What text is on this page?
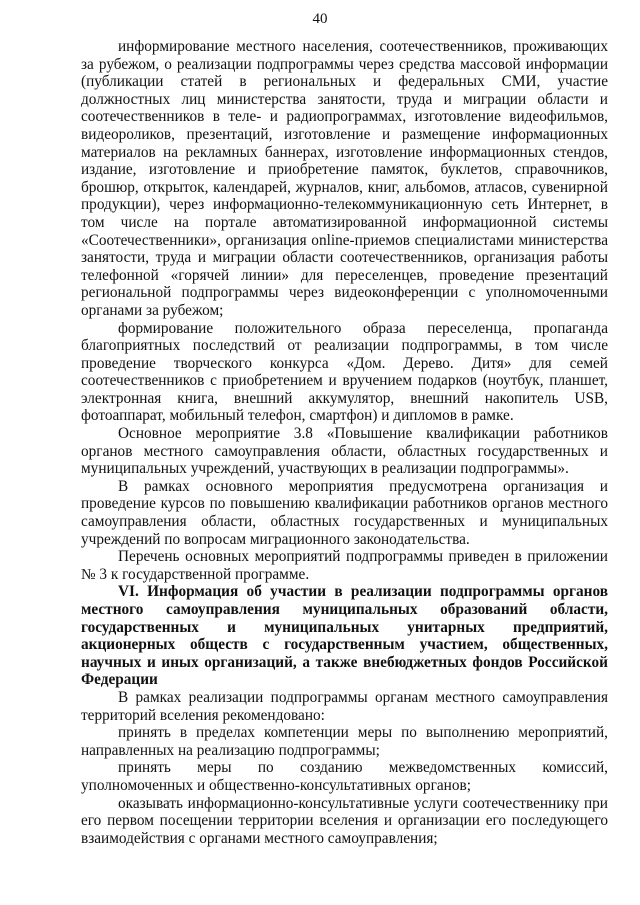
40

информирование местного населения, соотечественников, проживающих за рубежом, о реализации подпрограммы через средства массовой информации (публикации статей в региональных и федеральных СМИ, участие должностных лиц министерства занятости, труда и миграции области и соотечественников в теле- и радиопрограммах, изготовление видеофильмов, видеороликов, презентаций, изготовление и размещение информационных материалов на рекламных баннерах, изготовление информационных стендов, издание, изготовление и приобретение памяток, буклетов, справочников, брошюр, открыток, календарей, журналов, книг, альбомов, атласов, сувенирной продукции), через информационно-телекоммуникационную сеть Интернет, в том числе на портале автоматизированной информационной системы «Соотечественники», организация online-приемов специалистами министерства занятости, труда и миграции области соотечественников, организация работы телефонной «горячей линии» для переселенцев, проведение презентаций региональной подпрограммы через видеоконференции с уполномоченными органами за рубежом;

формирование положительного образа переселенца, пропаганда благоприятных последствий от реализации подпрограммы, в том числе проведение творческого конкурса «Дом. Дерево. Дитя» для семей соотечественников с приобретением и вручением подарков (ноутбук, планшет, электронная книга, внешний аккумулятор, внешний накопитель USB, фотоаппарат, мобильный телефон, смартфон) и дипломов в рамке.

Основное мероприятие 3.8 «Повышение квалификации работников органов местного самоуправления области, областных государственных и муниципальных учреждений, участвующих в реализации подпрограммы».

В рамках основного мероприятия предусмотрена организация и проведение курсов по повышению квалификации работников органов местного самоуправления области, областных государственных и муниципальных учреждений по вопросам миграционного законодательства.

Перечень основных мероприятий подпрограммы приведен в приложении № 3 к государственной программе.

VI. Информация об участии в реализации подпрограммы органов местного самоуправления муниципальных образований области, государственных и муниципальных унитарных предприятий, акционерных обществ с государственным участием, общественных, научных и иных организаций, а также внебюджетных фондов Российской Федерации

В рамках реализации подпрограммы органам местного самоуправления территорий вселения рекомендовано:

принять в пределах компетенции меры по выполнению мероприятий, направленных на реализацию подпрограммы;

принять меры по созданию межведомственных комиссий, уполномоченных и общественно-консультативных органов;

оказывать информационно-консультативные услуги соотечественнику при его первом посещении территории вселения и организации его последующего взаимодействия с органами местного самоуправления;
